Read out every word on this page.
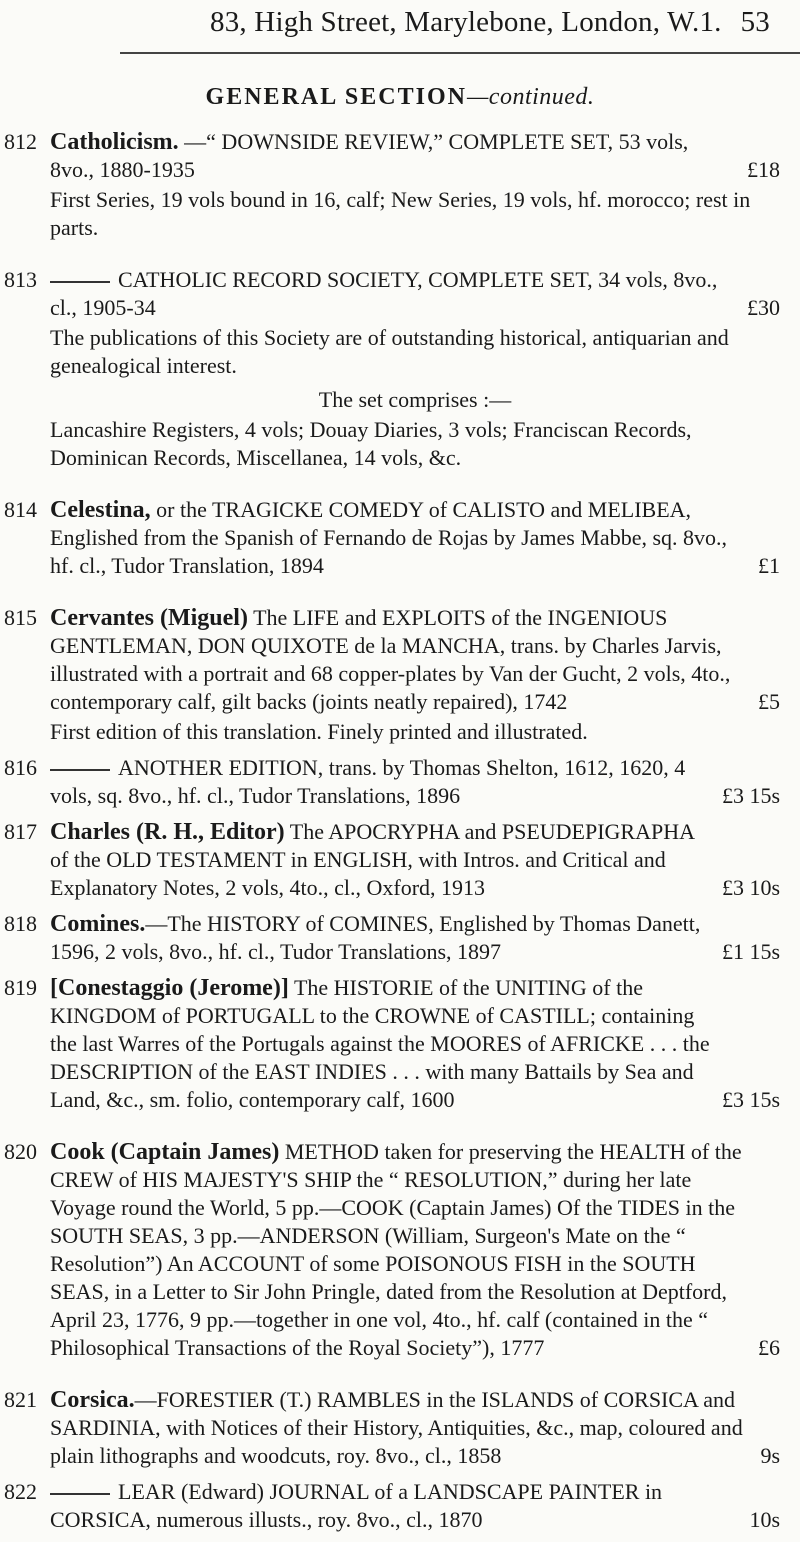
83, High Street, Marylebone, London, W.1. 53
GENERAL SECTION—continued.
812 Catholicism. —“ DOWNSIDE REVIEW,” COMPLETE SET, 53 vols, 8vo., 1880-1935	£18
First Series, 19 vols bound in 16, calf; New Series, 19 vols, hf. morocco; rest in parts.
813	CATHOLIC RECORD SOCIETY, COMPLETE SET, 34 vols, 8vo., cl., 1905-34	£30
The publications of this Society are of outstanding historical, antiquarian and genealogical interest.
The set comprises :—
Lancashire Registers, 4 vols; Douay Diaries, 3 vols; Franciscan Records, Dominican Records, Miscellanea, 14 vols, &c.
814 Celestina, or the TRAGICKE COMEDY of CALISTO and MELIBEA, Englished from the Spanish of Fernando de Rojas by James Mabbe, sq. 8vo., hf. cl., Tudor Translation, 1894	£1
815 Cervantes (Miguel) The LIFE and EXPLOITS of the INGENIOUS GENTLEMAN, DON QUIXOTE de la MANCHA, trans. by Charles Jarvis, illustrated with a portrait and 68 copper-plates by Van der Gucht, 2 vols, 4to., contemporary calf, gilt backs (joints neatly repaired), 1742	£5
First edition of this translation. Finely printed and illustrated.
816	ANOTHER EDITION, trans. by Thomas Shelton, 1612, 1620, 4 vols, sq. 8vo., hf. cl., Tudor Translations, 1896	£3 15s
817 Charles (R. H., Editor) The APOCRYPHA and PSEUDEPIGRAPHA of the OLD TESTAMENT in ENGLISH, with Intros. and Critical and Explanatory Notes, 2 vols, 4to., cl., Oxford, 1913	£3 10s
818 Comines.—The HISTORY of COMINES, Englished by Thomas Danett, 1596, 2 vols, 8vo., hf. cl., Tudor Translations, 1897	£1 15s
819 [Conestaggio (Jerome)] The HISTORIE of the UNITING of the KINGDOM of PORTUGALL to the CROWNE of CASTILL; containing the last Warres of the Portugals against the MOORES of AFRICKE . . . the DESCRIPTION of the EAST INDIES . . . with many Battails by Sea and Land, &c., sm. folio, contemporary calf, 1600	£3 15s
820 Cook (Captain James) METHOD taken for preserving the HEALTH of the CREW of HIS MAJESTY'S SHIP the “ RESOLUTION,” during her late Voyage round the World, 5 pp.—COOK (Captain James) Of the TIDES in the SOUTH SEAS, 3 pp.—ANDERSON (William, Surgeon's Mate on the “ Resolution”) An ACCOUNT of some POISONOUS FISH in the SOUTH SEAS, in a Letter to Sir John Pringle, dated from the Resolution at Deptford, April 23, 1776, 9 pp.—together in one vol, 4to., hf. calf (contained in the “ Philosophical Transactions of the Royal Society”), 1777	£6
821 Corsica.—FORESTIER (T.) RAMBLES in the ISLANDS of CORSICA and SARDINIA, with Notices of their History, Antiquities, &c., map, coloured and plain lithographs and woodcuts, roy. 8vo., cl., 1858	9s
822	LEAR (Edward) JOURNAL of a LANDSCAPE PAINTER in CORSICA, numerous illusts., roy. 8vo., cl., 1870	10s
